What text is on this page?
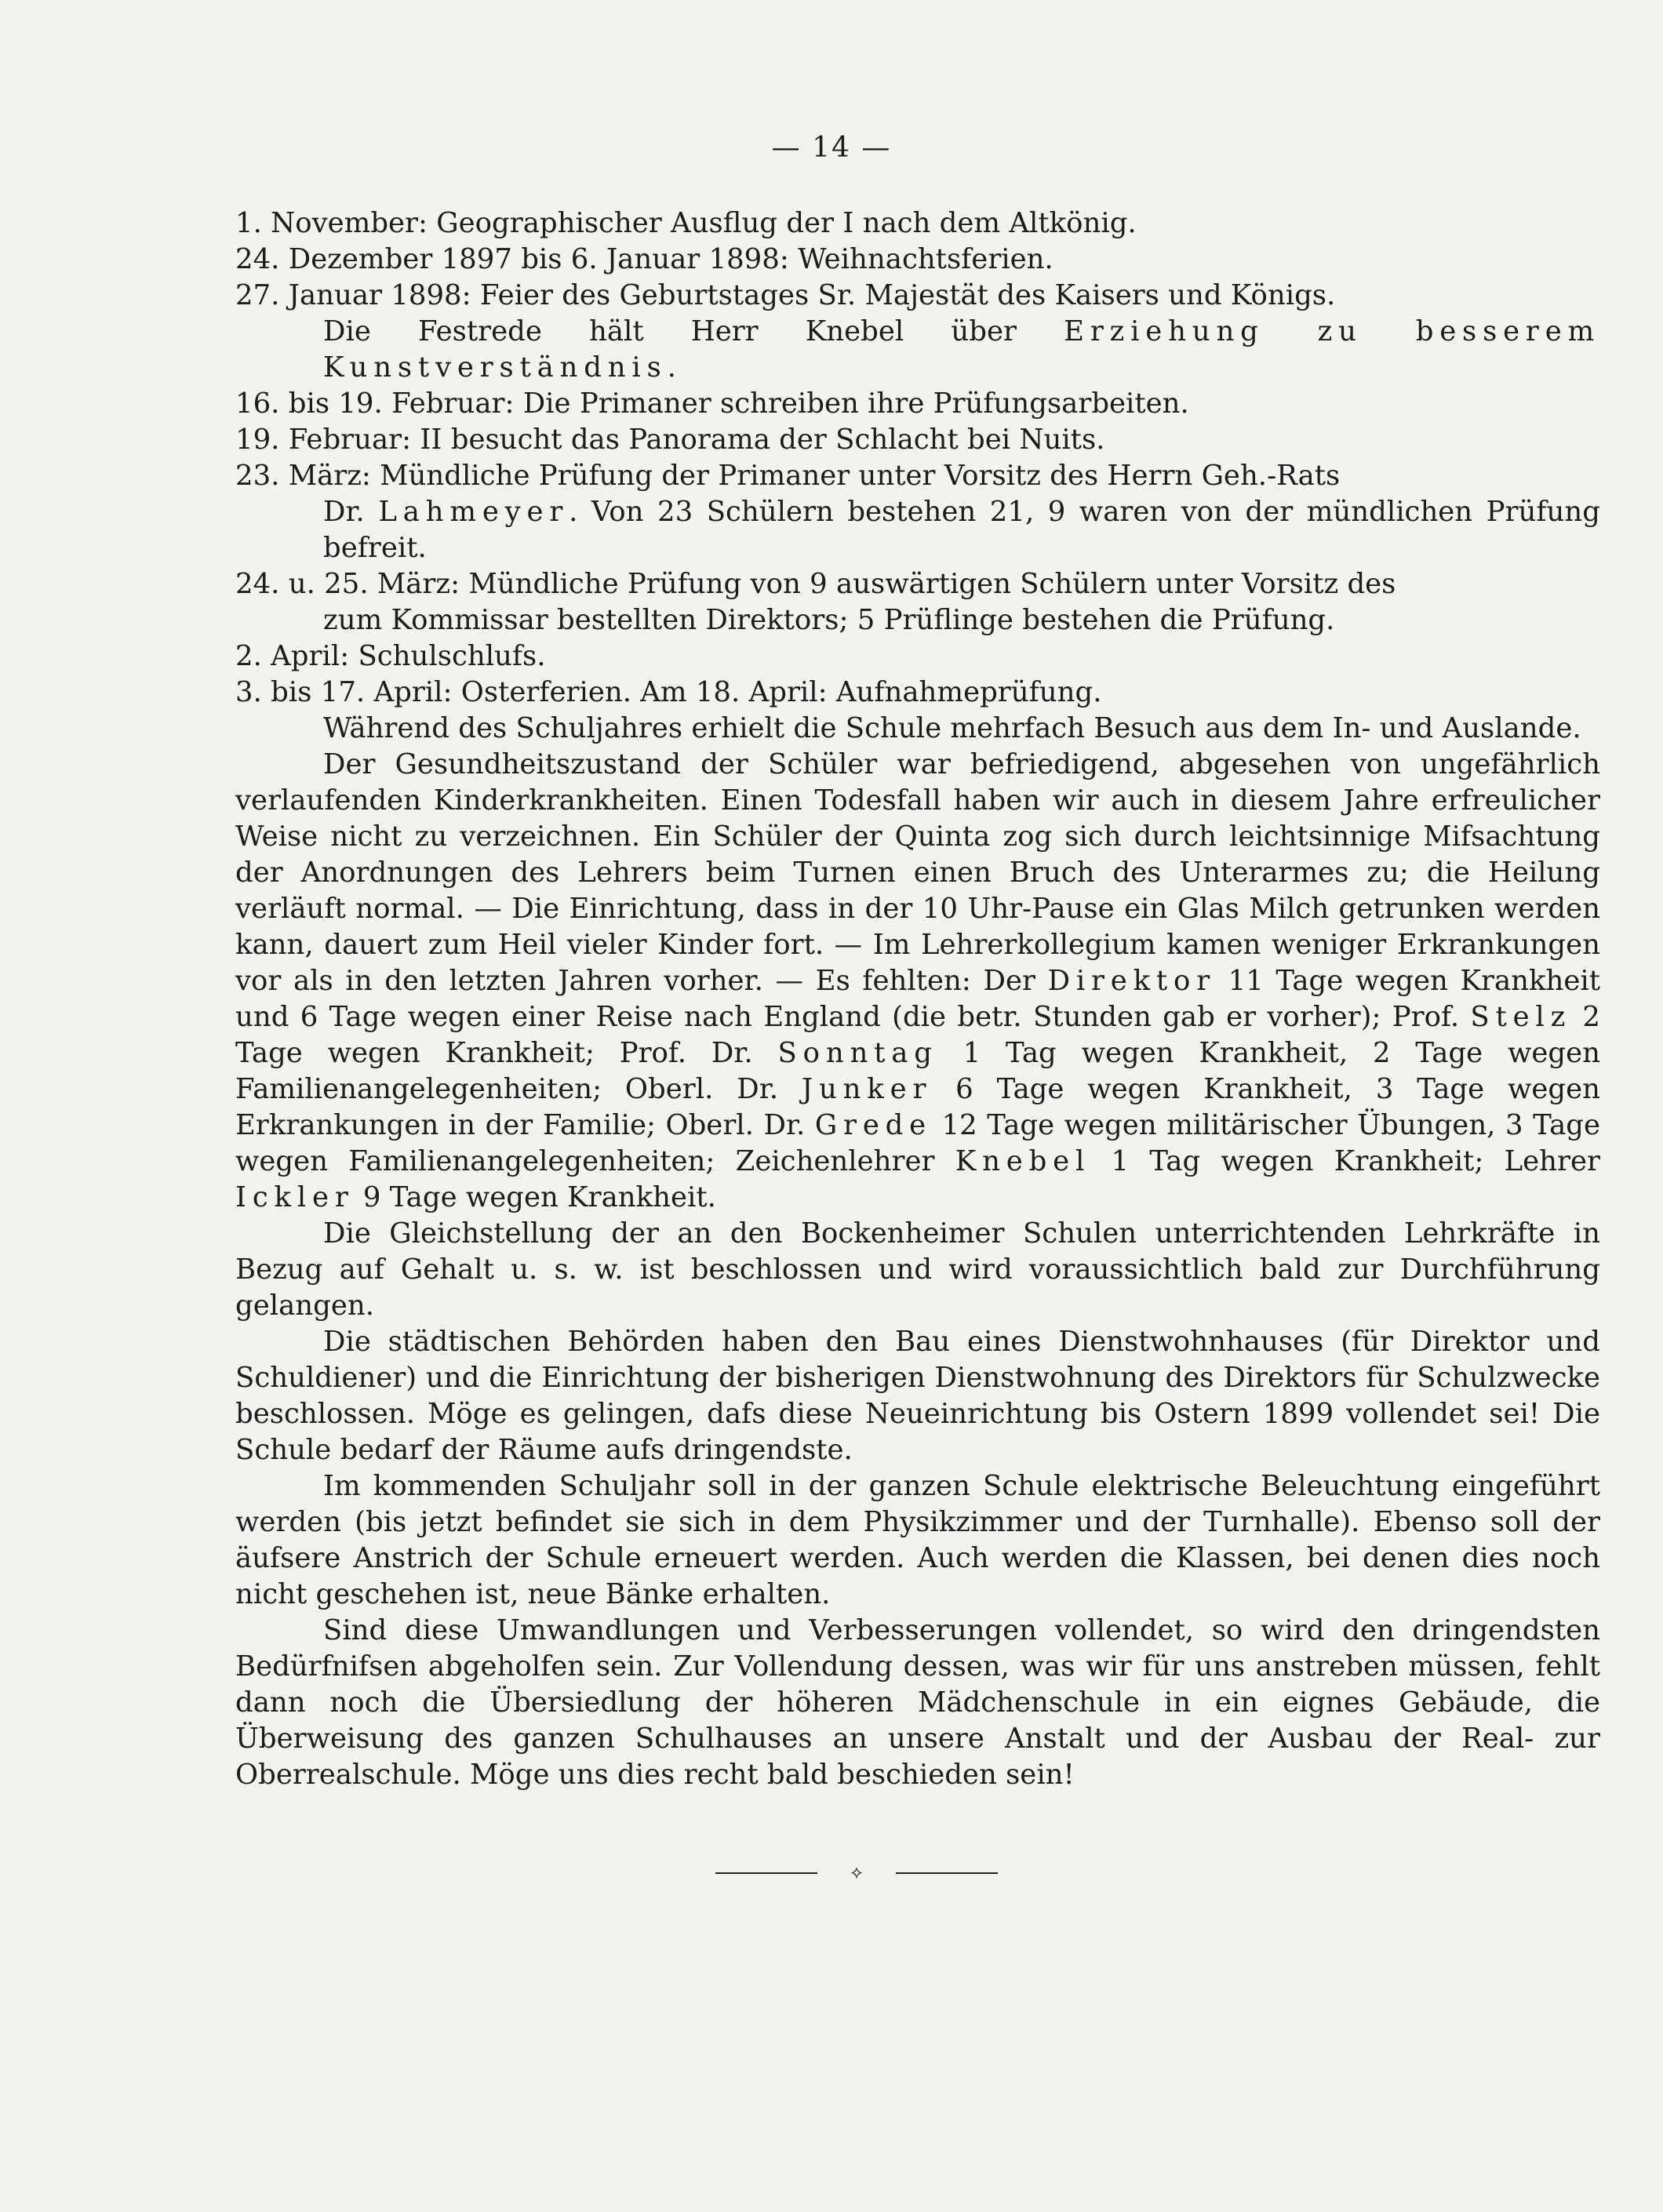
— 14 —

1. November: Geographischer Ausflug der I nach dem Altkönig.

24. Dezember 1897 bis 6. Januar 1898: Weihnachtsferien.

27. Januar 1898: Feier des Geburtstages Sr. Majestät des Kaisers und Königs.
Die Festrede hält Herr Knebel über Erziehung zu besserem Kunstverständnis.

16. bis 19. Februar: Die Primaner schreiben ihre Prüfungsarbeiten.

19. Februar: II besucht das Panorama der Schlacht bei Nuits.

23. März: Mündliche Prüfung der Primaner unter Vorsitz des Herrn Geh.-Rats
Dr. Lahmeyer. Von 23 Schülern bestehen 21, 9 waren von der mündlichen Prüfung befreit.

24. u. 25. März: Mündliche Prüfung von 9 auswärtigen Schülern unter Vorsitz des
zum Kommissar bestellten Direktors; 5 Prüflinge bestehen die Prüfung.

2. April: Schulschlufs.

3. bis 17. April: Osterferien. Am 18. April: Aufnahmeprüfung.

Während des Schuljahres erhielt die Schule mehrfach Besuch aus dem In- und Auslande.

Der Gesundheitszustand der Schüler war befriedigend, abgesehen von ungefährlich verlaufenden Kinderkrankheiten. Einen Todesfall haben wir auch in diesem Jahre erfreulicher Weise nicht zu verzeichnen. Ein Schüler der Quinta zog sich durch leichtsinnige Mifsachtung der Anordnungen des Lehrers beim Turnen einen Bruch des Unterarmes zu; die Heilung verläuft normal. — Die Einrichtung, dass in der 10 Uhr-Pause ein Glas Milch getrunken werden kann, dauert zum Heil vieler Kinder fort. — Im Lehrerkollegium kamen weniger Erkrankungen vor als in den letzten Jahren vorher. — Es fehlten: Der Direktor 11 Tage wegen Krankheit und 6 Tage wegen einer Reise nach England (die betr. Stunden gab er vorher); Prof. Stelz 2 Tage wegen Krankheit; Prof. Dr. Sonntag 1 Tag wegen Krankheit, 2 Tage wegen Familienangelegenheiten; Oberl. Dr. Junker 6 Tage wegen Krankheit, 3 Tage wegen Erkrankungen in der Familie; Oberl. Dr. Grede 12 Tage wegen militärischer Übungen, 3 Tage wegen Familienangelegenheiten; Zeichenlehrer Knebel 1 Tag wegen Krankheit; Lehrer Ickler 9 Tage wegen Krankheit.

Die Gleichstellung der an den Bockenheimer Schulen unterrichtenden Lehrkräfte in Bezug auf Gehalt u. s. w. ist beschlossen und wird voraussichtlich bald zur Durchführung gelangen.

Die städtischen Behörden haben den Bau eines Dienstwohnhauses (für Direktor und Schuldiener) und die Einrichtung der bisherigen Dienstwohnung des Direktors für Schulzwecke beschlossen. Möge es gelingen, dafs diese Neueinrichtung bis Ostern 1899 vollendet sei! Die Schule bedarf der Räume aufs dringendste.

Im kommenden Schuljahr soll in der ganzen Schule elektrische Beleuchtung eingeführt werden (bis jetzt befindet sie sich in dem Physikzimmer und der Turnhalle). Ebenso soll der äufsere Anstrich der Schule erneuert werden. Auch werden die Klassen, bei denen dies noch nicht geschehen ist, neue Bänke erhalten.

Sind diese Umwandlungen und Verbesserungen vollendet, so wird den dringendsten Bedürfnifsen abgeholfen sein. Zur Vollendung dessen, was wir für uns anstreben müssen, fehlt dann noch die Übersiedlung der höheren Mädchenschule in ein eignes Gebäude, die Überweisung des ganzen Schulhauses an unsere Anstalt und der Ausbau der Real- zur Oberrealschule. Möge uns dies recht bald beschieden sein!

⟡
